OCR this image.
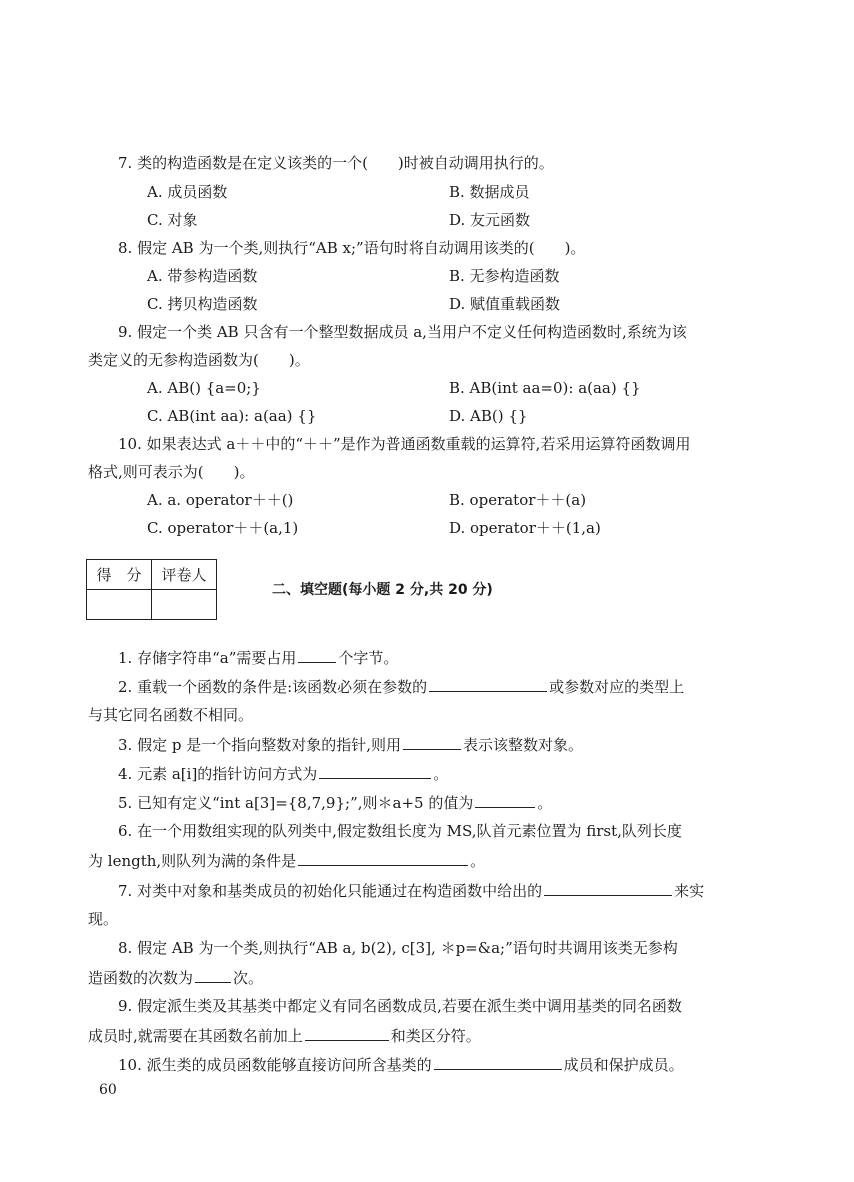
7. 类的构造函数是在定义该类的一个(　　)时被自动调用执行的。
A. 成员函数	B. 数据成员
C. 对象	D. 友元函数
8. 假定 AB 为一个类,则执行“AB x;”语句时将自动调用该类的(　　)。
A. 带参构造函数	B. 无参构造函数
C. 拷贝构造函数	D. 赋值重载函数
9. 假定一个类 AB 只含有一个整型数据成员 a,当用户不定义任何构造函数时,系统为该
类定义的无参构造函数为(　　)。
A. AB() {a=0;}	B. AB(int aa=0): a(aa) {}
C. AB(int aa): a(aa) {}	D. AB() {}
10. 如果表达式 a＋＋中的“＋＋”是作为普通函数重载的运算符,若采用运算符函数调用
格式,则可表示为(　　)。
A. a. operator＋＋()	B. operator＋＋(a)
C. operator＋＋(a,1)	D. operator＋＋(1,a)
得　分	评卷人

二、填空题(每小题 2 分,共 20 分)
1. 存储字符串“a”需要占用	个字节。
2. 重载一个函数的条件是:该函数必须在参数的	或参数对应的类型上
与其它同名函数不相同。
3. 假定 p 是一个指向整数对象的指针,则用	表示该整数对象。
4. 元素 a[i]的指针访问方式为	。
5. 已知有定义“int a[3]={8,7,9};”,则＊a+5 的值为	。
6. 在一个用数组实现的队列类中,假定数组长度为 MS,队首元素位置为 first,队列长度
为 length,则队列为满的条件是	。
7. 对类中对象和基类成员的初始化只能通过在构造函数中给出的	来实
现。
8. 假定 AB 为一个类,则执行“AB a, b(2), c[3], ＊p=&a;”语句时共调用该类无参构
造函数的次数为	次。
9. 假定派生类及其基类中都定义有同名函数成员,若要在派生类中调用基类的同名函数
成员时,就需要在其函数名前加上	和类区分符。
10. 派生类的成员函数能够直接访问所含基类的	成员和保护成员。
60
